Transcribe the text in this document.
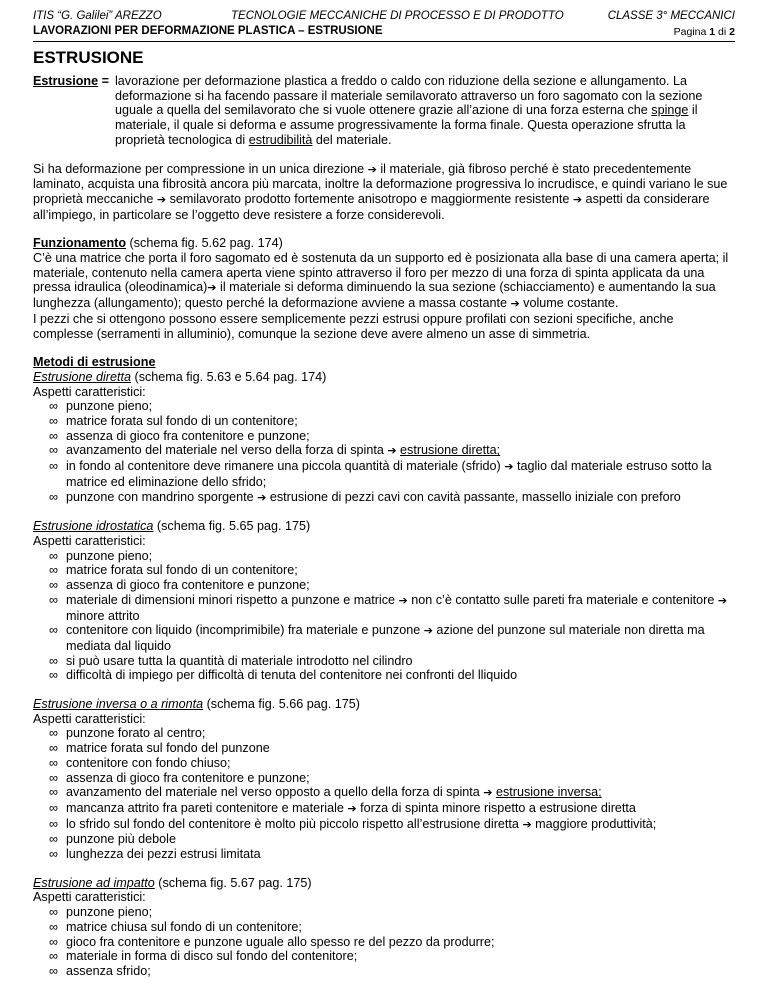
ITIS “G. Galilei” AREZZO	TECNOLOGIE MECCANICHE DI PROCESSO E DI PRODOTTO	CLASSE 3° MECCANICI
LAVORAZIONI PER DEFORMAZIONE PLASTICA – ESTRUSIONE	Pagina 1 di 2
ESTRUSIONE
Estrusione = lavorazione per deformazione plastica a freddo o caldo con riduzione della sezione e allungamento. La deformazione si ha facendo passare il materiale semilavorato attraverso un foro sagomato con la sezione uguale a quella del semilavorato che si vuole ottenere grazie all’azione di una forza esterna che spinge il materiale, il quale si deforma e assume progressivamente la forma finale. Questa operazione sfrutta la proprietà tecnologica di estrudibilità del materiale.

Si ha deformazione per compressione in un unica direzione ➔ il materiale, già fibroso perché è stato precedentemente laminato, acquista una fibrosità ancora più marcata, inoltre la deformazione progressiva lo incrudisce, e quindi variano le sue proprietà meccaniche ➔ semilavorato prodotto fortemente anisotropo e maggiormente resistente ➔ aspetti da considerare all’impiego, in particolare se l’oggetto deve resistere a forze considerevoli.

Funzionamento (schema fig. 5.62 pag. 174)

C’è una matrice che porta il foro sagomato ed è sostenuta da un supporto ed è posizionata alla base di una camera aperta; il materiale, contenuto nella camera aperta viene spinto attraverso il foro per mezzo di una forza di spinta applicata da una pressa idraulica (oleodinamica)➔ il materiale si deforma diminuendo la sua sezione (schiacciamento) e aumentando la sua lunghezza (allungamento); questo perché la deformazione avviene a massa costante ➔ volume costante.

I pezzi che si ottengono possono essere semplicemente pezzi estrusi oppure profilati con sezioni specifiche, anche complesse (serramenti in alluminio), comunque la sezione deve avere almeno un asse di simmetria.

Metodi di estrusione

Estrusione diretta (schema fig. 5.63 e 5.64 pag. 174)

Aspetti caratteristici:

∞ punzone pieno;
∞ matrice forata sul fondo di un contenitore;
∞ assenza di gioco fra contenitore e punzone;
∞ avanzamento del materiale nel verso della forza di spinta ➔ estrusione diretta;
∞ in fondo al contenitore deve rimanere una piccola quantità di materiale (sfrido) ➔ taglio dal materiale estruso sotto la matrice ed eliminazione dello sfrido;
∞ punzone con mandrino sporgente ➔ estrusione di pezzi cavi con cavità passante, massello iniziale con preforo

Estrusione idrostatica (schema fig. 5.65 pag. 175)

Aspetti caratteristici:

∞ punzone pieno;
∞ matrice forata sul fondo di un contenitore;
∞ assenza di gioco fra contenitore e punzone;
∞ materiale di dimensioni minori rispetto a punzone e matrice ➔ non c’è contatto sulle pareti fra materiale e contenitore ➔ minore attrito
∞ contenitore con liquido (incomprimibile) fra materiale e punzone ➔ azione del punzone sul materiale non diretta ma mediata dal liquido
∞ si può usare tutta la quantità di materiale introdotto nel cilindro
∞ difficoltà di impiego per difficoltà di tenuta del contenitore nei confronti del lliquido

Estrusione inversa o a rimonta (schema fig. 5.66 pag. 175)

Aspetti caratteristici:

∞ punzone forato al centro;
∞ matrice forata sul fondo del punzone
∞ contenitore con fondo chiuso;
∞ assenza di gioco fra contenitore e punzone;
∞ avanzamento del materiale nel verso opposto a quello della forza di spinta ➔ estrusione inversa;
∞ mancanza attrito fra pareti contenitore e materiale ➔ forza di spinta minore rispetto a estrusione diretta
∞ lo sfrido sul fondo del contenitore è molto più piccolo rispetto all’estrusione diretta ➔ maggiore produttività;
∞ punzone più debole
∞ lunghezza dei pezzi estrusi limitata

Estrusione ad impatto (schema fig. 5.67 pag. 175)

Aspetti caratteristici:

∞ punzone pieno;
∞ matrice chiusa sul fondo di un contenitore;
∞ gioco fra contenitore e punzone uguale allo spesso re del pezzo da produrre;
∞ materiale in forma di disco sul fondo del contenitore;
∞ assenza sfrido;
